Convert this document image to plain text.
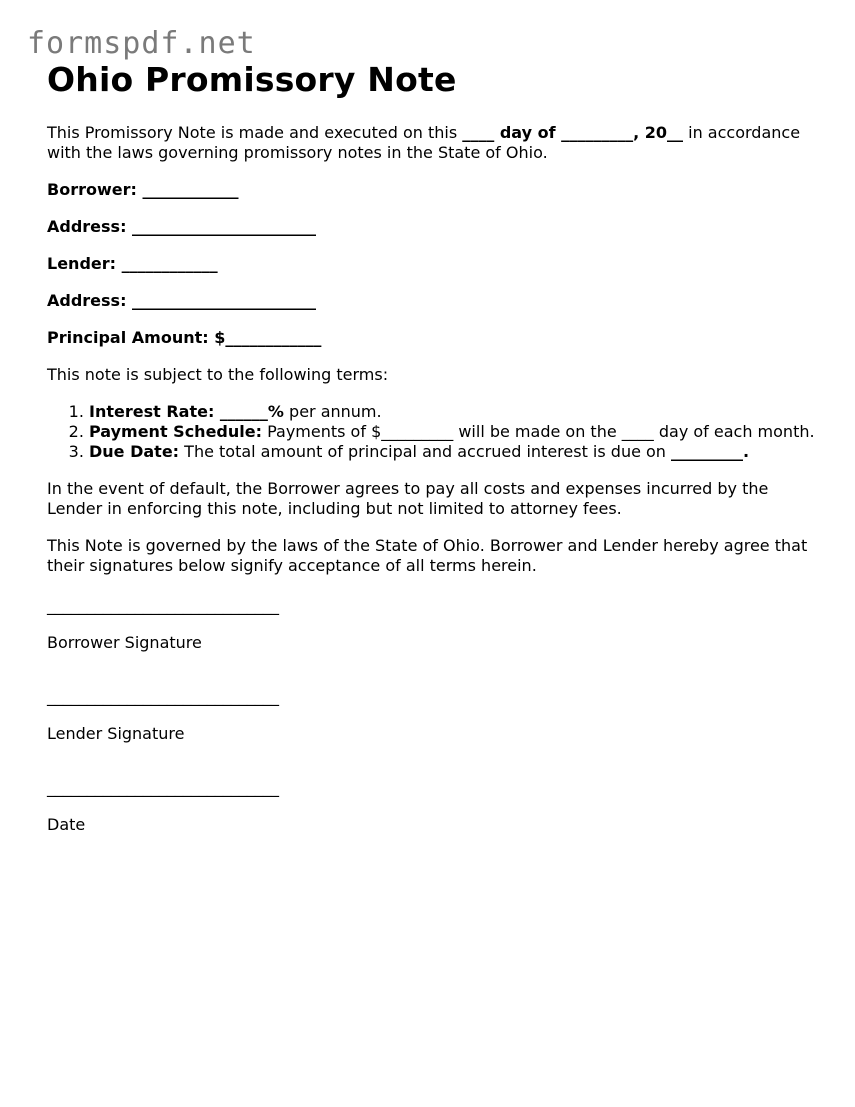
formspdf.net
Ohio Promissory Note

This Promissory Note is made and executed on this ____ day of _________, 20__ in accordance with the laws governing promissory notes in the State of Ohio.

Borrower: ____________
Address: _______________________
Lender: ____________
Address: _______________________
Principal Amount: $____________

This note is subject to the following terms:

1. Interest Rate: ______% per annum.
2. Payment Schedule: Payments of $_________ will be made on the ____ day of each month.
3. Due Date: The total amount of principal and accrued interest is due on _________.

In the event of default, the Borrower agrees to pay all costs and expenses incurred by the Lender in enforcing this note, including but not limited to attorney fees.

This Note is governed by the laws of the State of Ohio. Borrower and Lender hereby agree that their signatures below signify acceptance of all terms herein.

_____________________________
Borrower Signature
_____________________________
Lender Signature
_____________________________
Date
